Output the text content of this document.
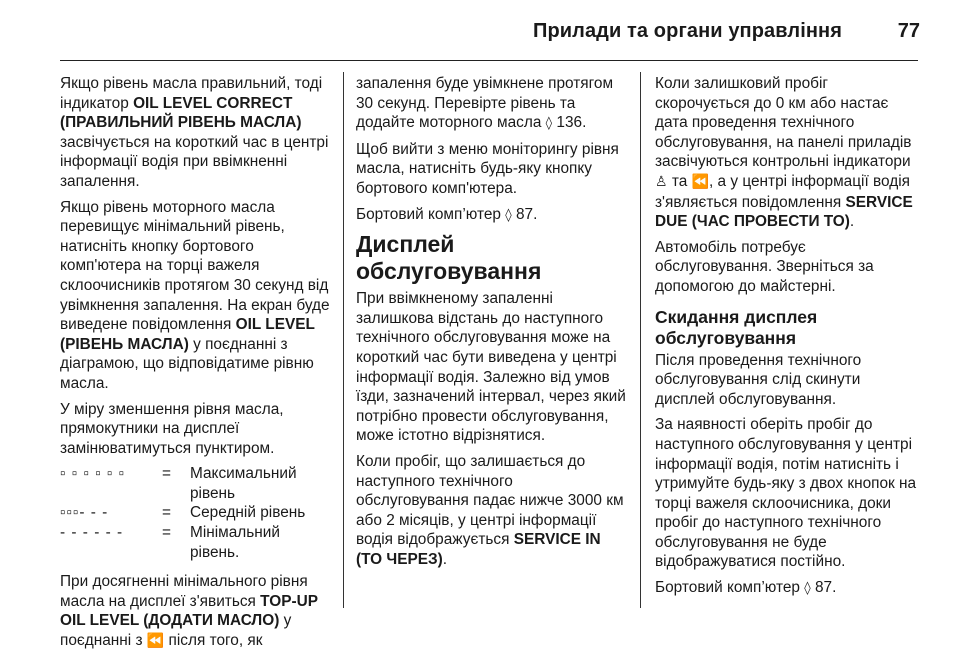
Прилади та органи управління	77

Якщо рівень масла правильний, тоді індикатор OIL LEVEL CORRECT (ПРАВИЛЬНИЙ РІВЕНЬ МАСЛА) засвічується на короткий час в центрі інформації водія при ввімкненні запалення.

Якщо рівень моторного масла перевищує мінімальний рівень, натисніть кнопку бортового комп'ютера на торці важеля склоочисників протягом 30 секунд від увімкнення запалення. На екран буде виведене повідомлення OIL LEVEL (РІВЕНЬ МАСЛА) у поєднанні з діаграмою, що відповідатиме рівню масла.

У міру зменшення рівня масла, прямокутники на дисплеї замінюватимуться пунктиром.

▫ ▫ ▫ ▫ ▫ ▫	=	Максимальний рівень
▫▫▫- - -	=	Середній рівень
- - - - - -	=	Мінімальний рівень.

При досягненні мінімального рівня масла на дисплеї з'явиться TOP-UP OIL LEVEL (ДОДАТИ МАСЛО) у поєднанні з ⏪ після того, як

запалення буде увімкнене протягом 30 секунд. Перевірте рівень та додайте моторного масла ◊ 136.

Щоб вийти з меню моніторингу рівня масла, натисніть будь-яку кнопку бортового комп'ютера.

Бортовий комп’ютер ◊ 87.

Дисплей обслуговування

При ввімкненому запаленні залишкова відстань до наступного технічного обслуговування може на короткий час бути виведена у центрі інформації водія. Залежно від умов їзди, зазначений інтервал, через який потрібно провести обслуговування, може істотно відрізнятися.

Коли пробіг, що залишається до наступного технічного обслуговування падає нижче 3000 км або 2 місяців, у центрі інформації водія відображується SERVICE IN (ТО ЧЕРЕЗ).

Коли залишковий пробіг скорочується до 0 км або настає дата проведення технічного обслуговування, на панелі приладів засвічуються контрольні індикатори ♙ та ⏪, а у центрі інформації водія з'являється повідомлення SERVICE DUE (ЧАС ПРОВЕСТИ ТО).

Автомобіль потребує обслуговування. Зверніться за допомогою до майстерні.

Скидання дисплея обслуговування

Після проведення технічного обслуговування слід скинути дисплей обслуговування.

За наявності оберіть пробіг до наступного обслуговування у центрі інформації водія, потім натисніть і утримуйте будь-яку з двох кнопок на торці важеля склоочисника, доки пробіг до наступного технічного обслуговування не буде відображуватися постійно.

Бортовий комп’ютер ◊ 87.
